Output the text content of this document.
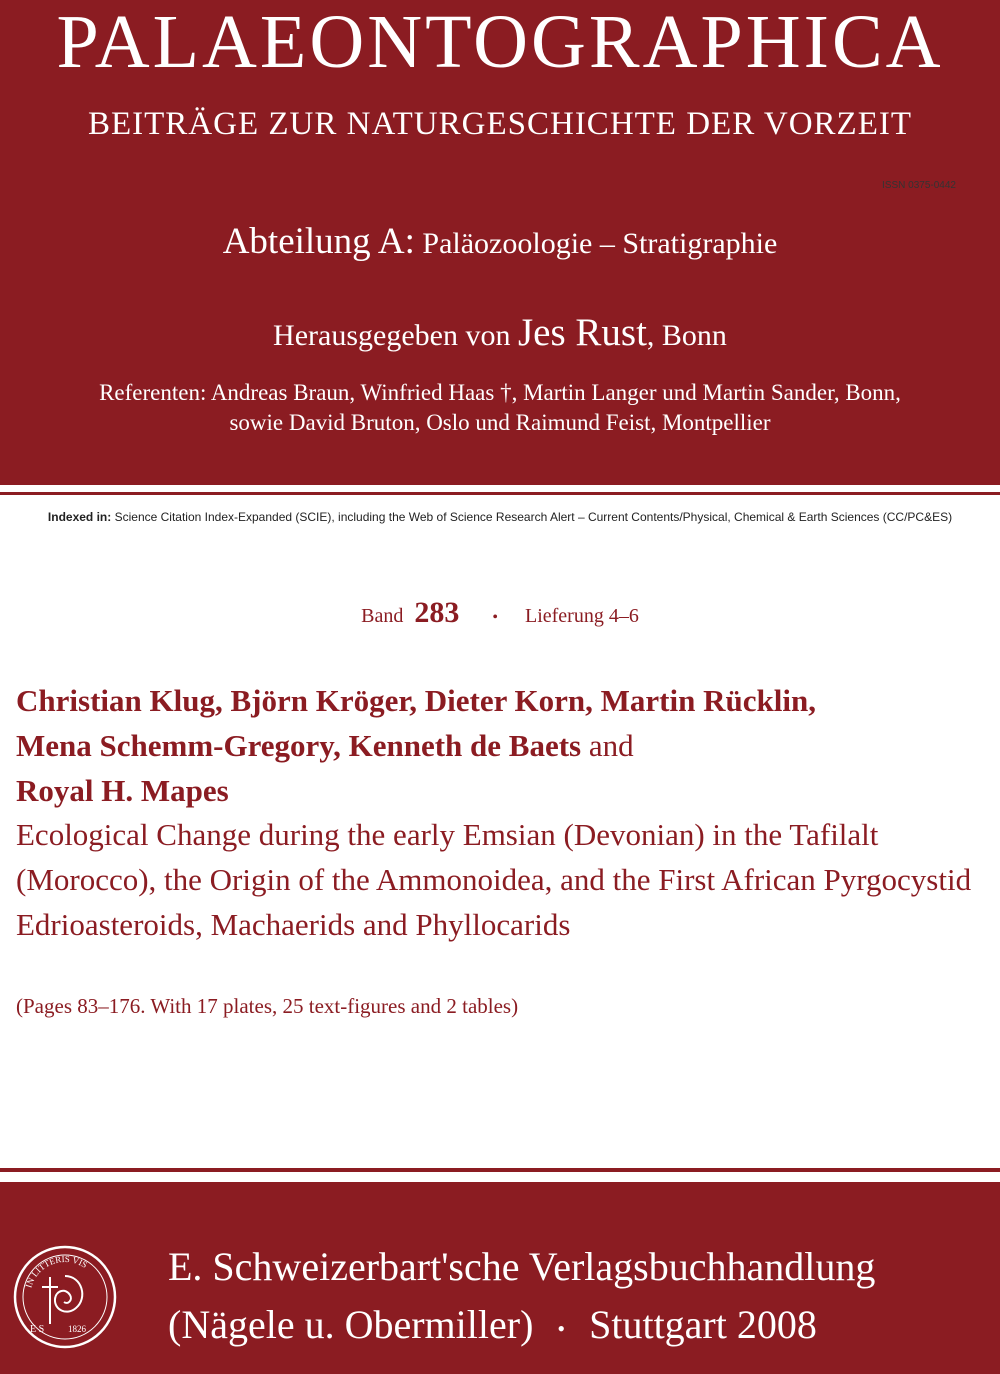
PALAEONTOGRAPHICA
BEITRÄGE ZUR NATURGESCHICHTE DER VORZEIT
Abteilung A: Paläozoologie – Stratigraphie
Herausgegeben von Jes Rust, Bonn
Referenten: Andreas Braun, Winfried Haas †, Martin Langer und Martin Sander, Bonn,
sowie David Bruton, Oslo und Raimund Feist, Montpellier
Indexed in: Science Citation Index-Expanded (SCIE), including the Web of Science Research Alert – Current Contents/Physical, Chemical & Earth Sciences (CC/PC&ES)
Band 283 • Lieferung 4–6
Christian Klug, Björn Kröger, Dieter Korn, Martin Rücklin,
Mena Schemm-Gregory, Kenneth de Baets and
Royal H. Mapes
Ecological Change during the early Emsian (Devonian) in the Tafilalt (Morocco), the Origin of the Ammonoidea, and the First African Pyrgocystid Edrioasteroids, Machaerids and Phyllocarids
(Pages 83–176. With 17 plates, 25 text-figures and 2 tables)
IN LITTERIS VIS
E S	1826
E. Schweizerbart'sche Verlagsbuchhandlung
(Nägele u. Obermiller) • Stuttgart 2008
ISSN 0375-0442
